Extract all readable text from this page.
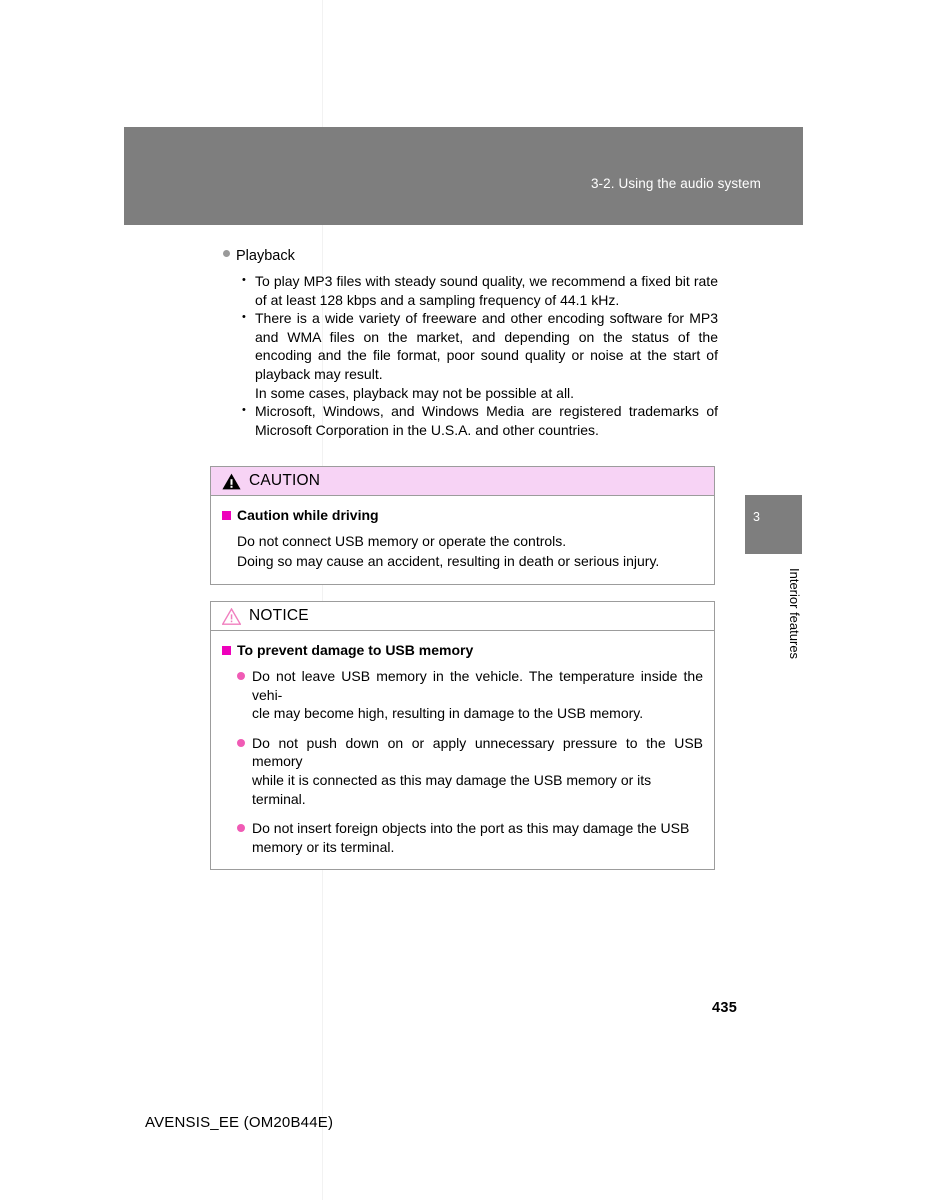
3-2. Using the audio system
Playback
• To play MP3 files with steady sound quality, we recommend a fixed bit rate of at least 128 kbps and a sampling frequency of 44.1 kHz.
• There is a wide variety of freeware and other encoding software for MP3 and WMA files on the market, and depending on the status of the encoding and the file format, poor sound quality or noise at the start of playback may result.
In some cases, playback may not be possible at all.
• Microsoft, Windows, and Windows Media are registered trademarks of Microsoft Corporation in the U.S.A. and other countries.
CAUTION
Caution while driving
Do not connect USB memory or operate the controls.
Doing so may cause an accident, resulting in death or serious injury.
NOTICE
To prevent damage to USB memory
Do not leave USB memory in the vehicle. The temperature inside the vehi-
cle may become high, resulting in damage to the USB memory.
Do not push down on or apply unnecessary pressure to the USB memory
while it is connected as this may damage the USB memory or its terminal.
Do not insert foreign objects into the port as this may damage the USB
memory or its terminal.
3
Interior features
435
AVENSIS_EE (OM20B44E)
